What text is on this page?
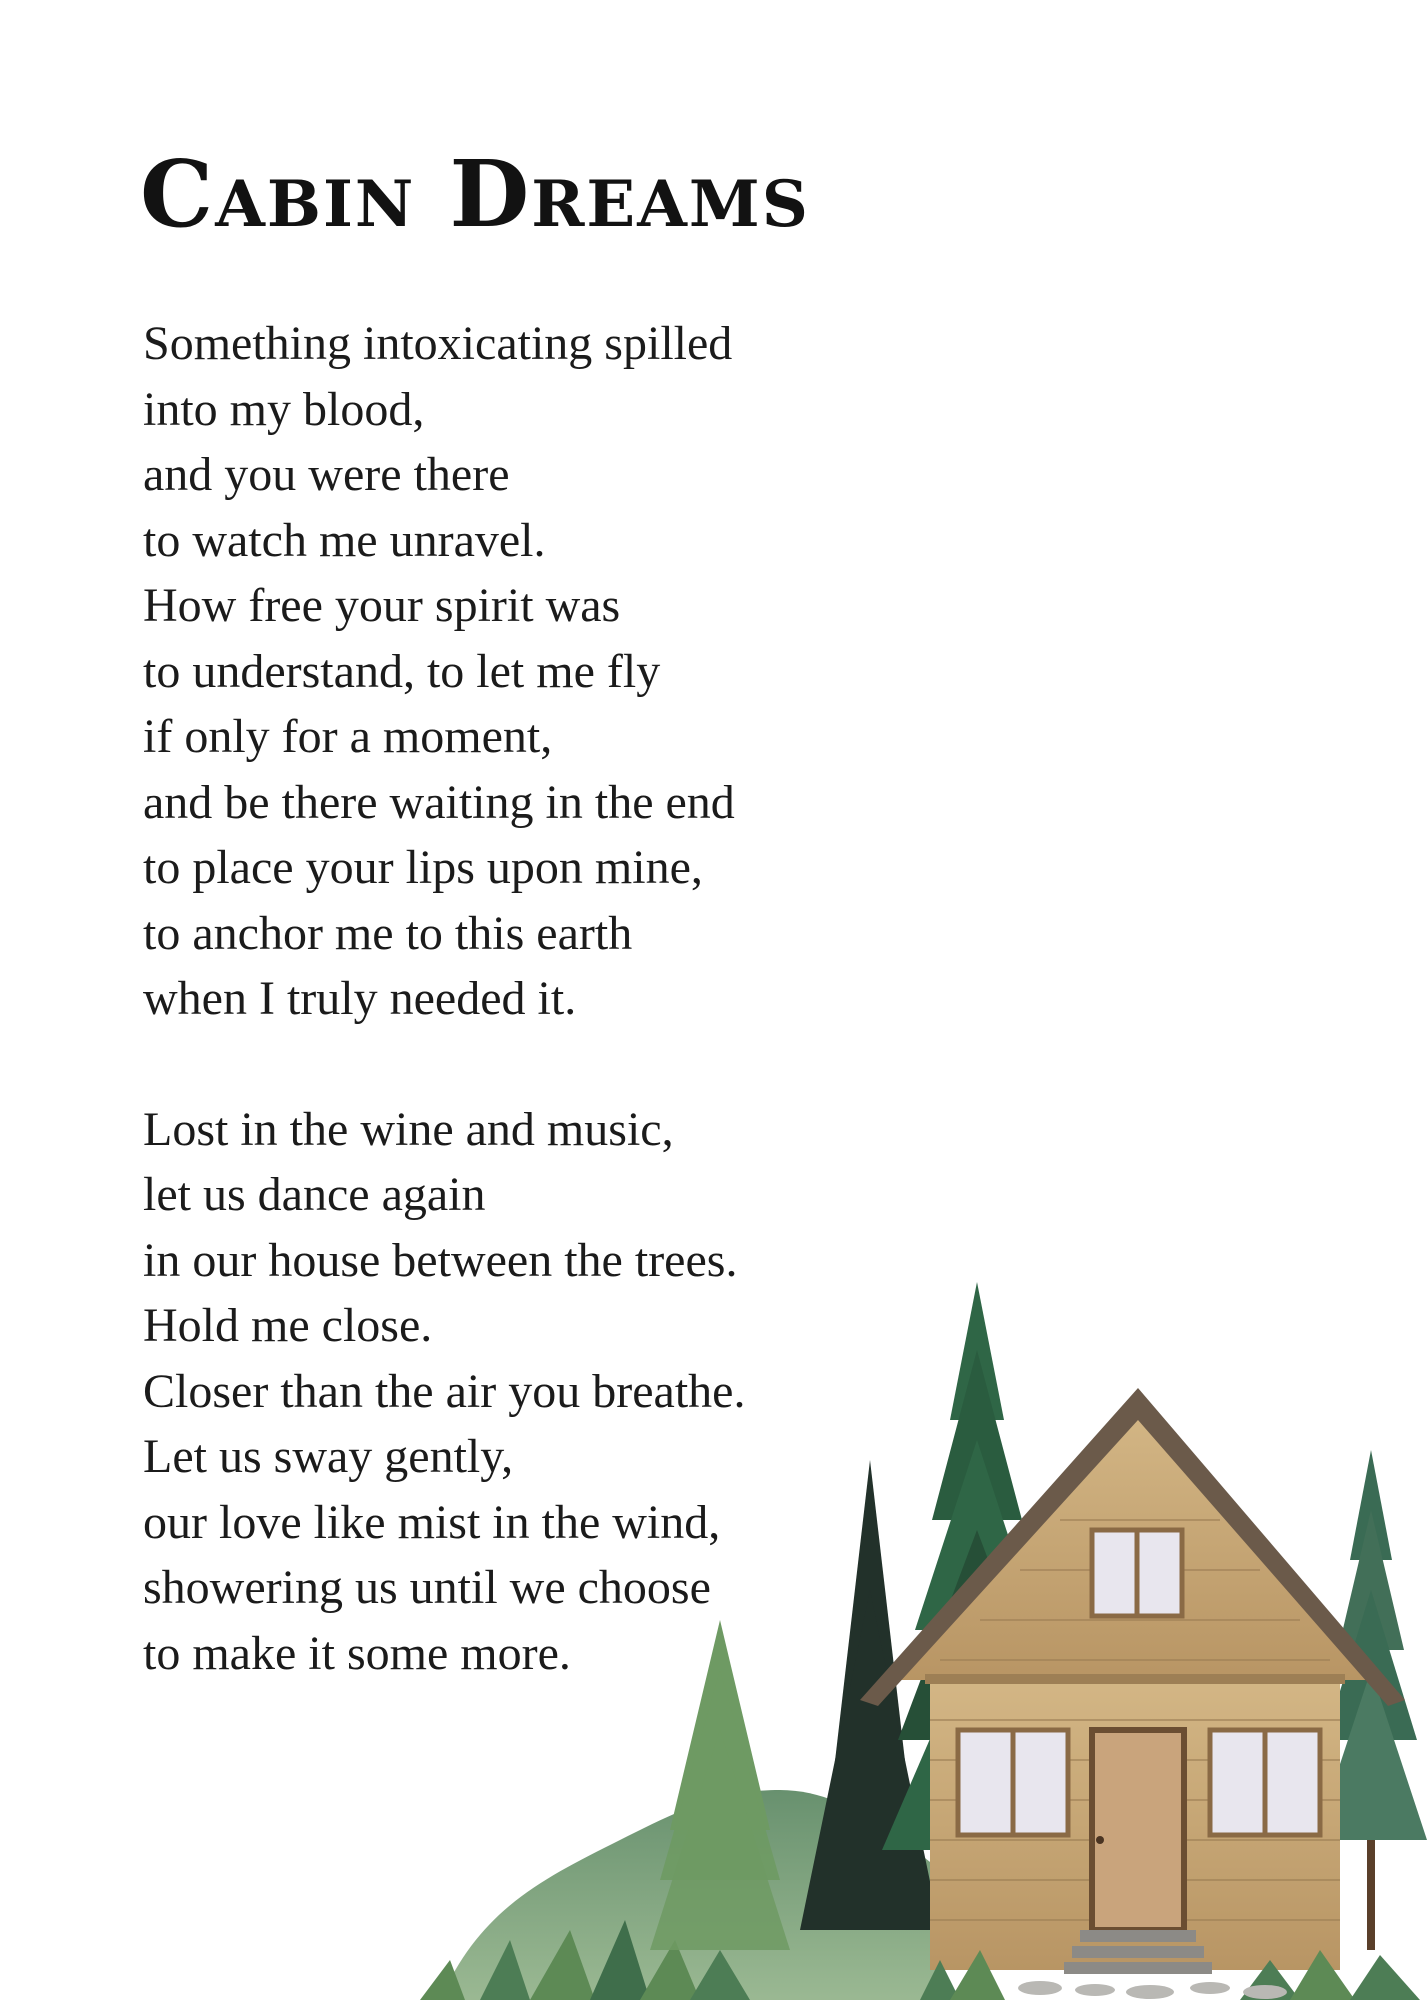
Cabin Dreams
Something intoxicating spilled
into my blood,
and you were there
to watch me unravel.
How free your spirit was
to understand, to let me fly
if only for a moment,
and be there waiting in the end
to place your lips upon mine,
to anchor me to this earth
when I truly needed it.
Lost in the wine and music,
let us dance again
in our house between the trees.
Hold me close.
Closer than the air you breathe.
Let us sway gently,
our love like mist in the wind,
showering us until we choose
to make it some more.
